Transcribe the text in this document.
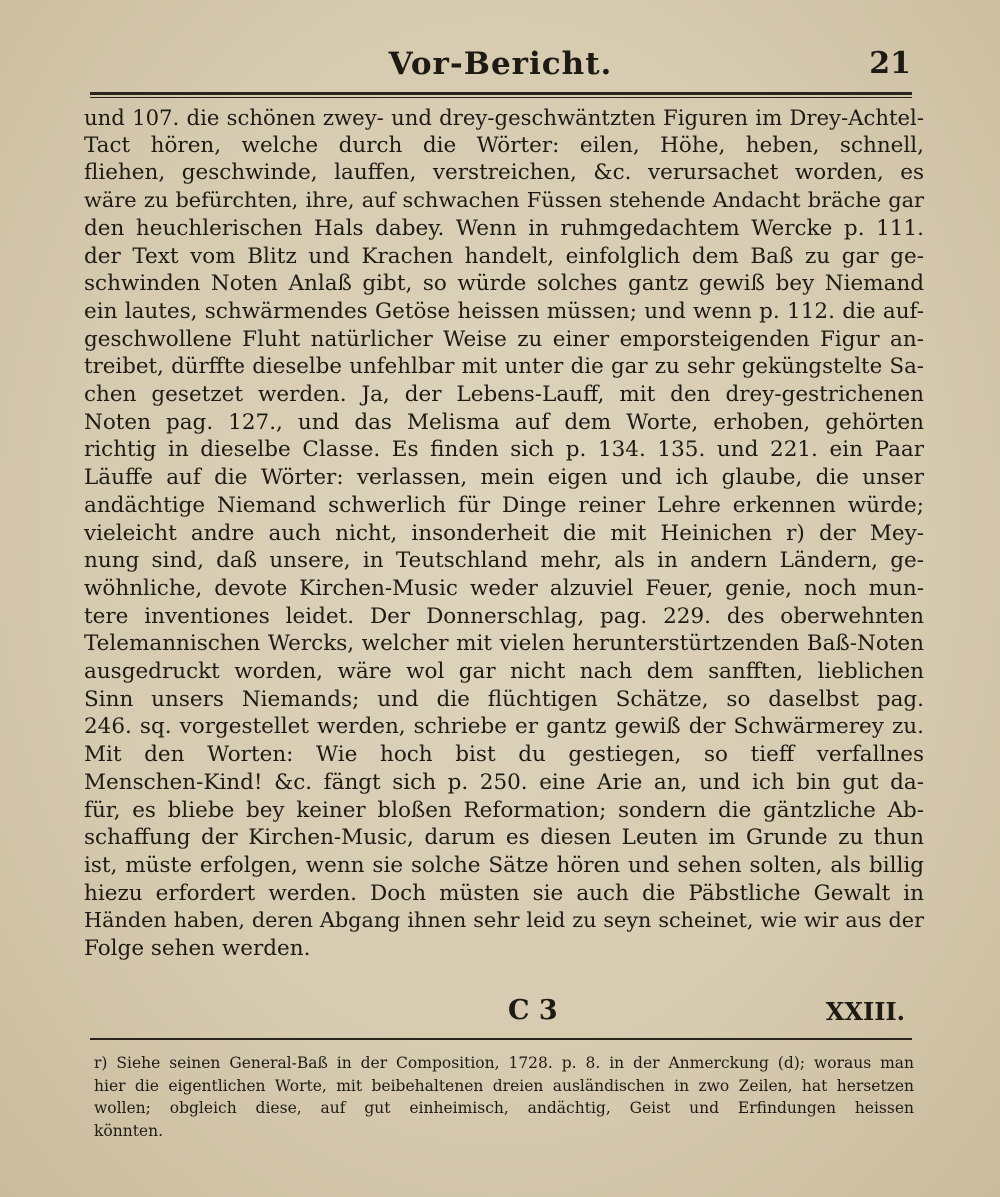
Vor-Bericht.	21
und 107. die schönen zwey- und drey-geschwäntzten Figuren im Drey-Achtel-
Tact hören, welche durch die Wörter: eilen, Höhe, heben, schnell,
fliehen, geschwinde, lauffen, verstreichen, &c. verursachet worden, es
wäre zu befürchten, ihre, auf schwachen Füssen stehende Andacht bräche gar
den heuchlerischen Hals dabey. Wenn in ruhmgedachtem Wercke p. 111.
der Text vom Blitz und Krachen handelt, einfolglich dem Baß zu gar ge-
schwinden Noten Anlaß gibt, so würde solches gantz gewiß bey Niemand
ein lautes, schwärmendes Getöse heissen müssen; und wenn p. 112. die auf-
geschwollene Fluht natürlicher Weise zu einer emporsteigenden Figur an-
treibet, dürffte dieselbe unfehlbar mit unter die gar zu sehr geküngstelte Sa-
chen gesetzet werden. Ja, der Lebens-Lauff, mit den drey-gestrichenen
Noten pag. 127., und das Melisma auf dem Worte, erhoben, gehörten
richtig in dieselbe Classe. Es finden sich p. 134. 135. und 221. ein Paar
Läuffe auf die Wörter: verlassen, mein eigen und ich glaube, die unser
andächtige Niemand schwerlich für Dinge reiner Lehre erkennen würde;
vieleicht andre auch nicht, insonderheit die mit Heinichen r) der Mey-
nung sind, daß unsere, in Teutschland mehr, als in andern Ländern, ge-
wöhnliche, devote Kirchen-Music weder alzuviel Feuer, genie, noch mun-
tere inventiones leidet. Der Donnerschlag, pag. 229. des oberwehnten
Telemannischen Wercks, welcher mit vielen herunterstürtzenden Baß-Noten
ausgedruckt worden, wäre wol gar nicht nach dem sanfften, lieblichen
Sinn unsers Niemands; und die flüchtigen Schätze, so daselbst pag.
246. sq. vorgestellet werden, schriebe er gantz gewiß der Schwärmerey zu.
Mit den Worten: Wie hoch bist du gestiegen, so tieff verfallnes
Menschen-Kind! &c. fängt sich p. 250. eine Arie an, und ich bin gut da-
für, es bliebe bey keiner bloßen Reformation; sondern die gäntzliche Ab-
schaffung der Kirchen-Music, darum es diesen Leuten im Grunde zu thun
ist, müste erfolgen, wenn sie solche Sätze hören und sehen solten, als billig
hiezu erfordert werden. Doch müsten sie auch die Päbstliche Gewalt in
Händen haben, deren Abgang ihnen sehr leid zu seyn scheinet, wie wir aus der
Folge sehen werden.
C 3	XXIII.
r) Siehe seinen General-Baß in der Composition, 1728. p. 8. in der Anmerckung (d); woraus man
hier die eigentlichen Worte, mit beibehaltenen dreien ausländischen in zwo Zeilen, hat hersetzen
wollen; obgleich diese, auf gut einheimisch, andächtig, Geist und Erfindungen heissen
könnten.
